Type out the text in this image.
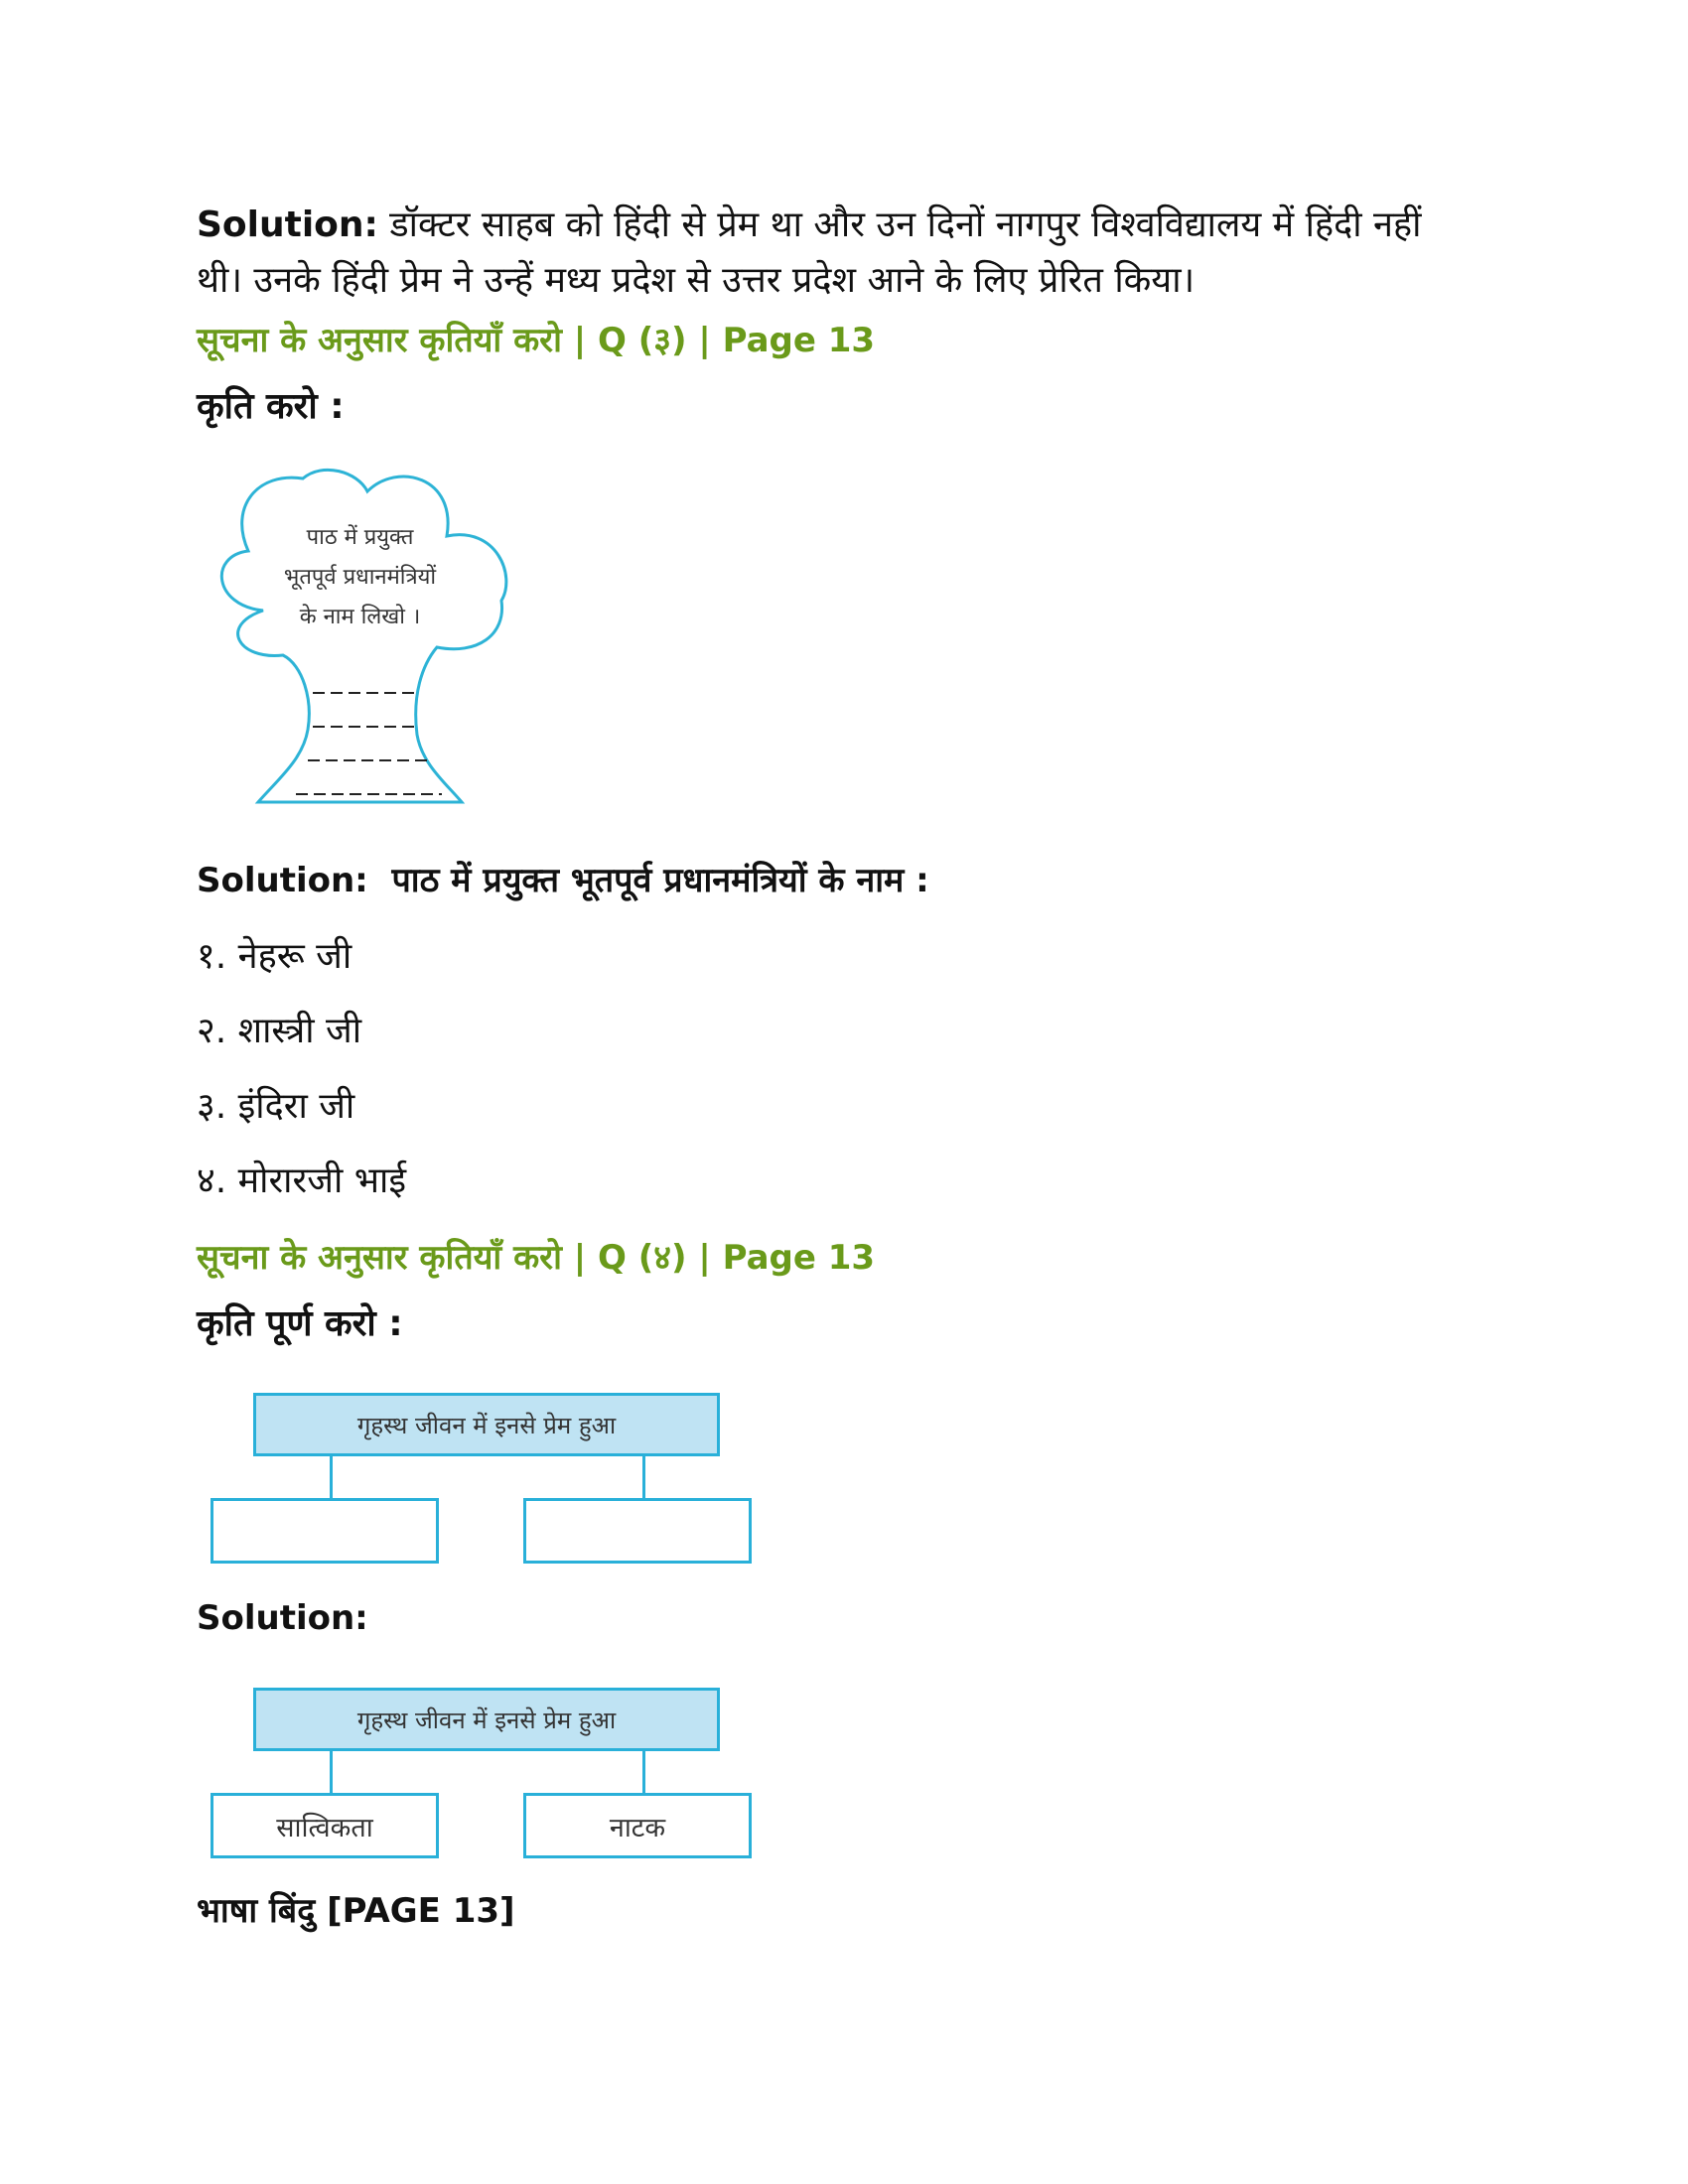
Solution: डॉक्टर साहब को हिंदी से प्रेम था और उन दिनों नागपुर विश्वविद्यालय में हिंदी नहीं
थी। उनके हिंदी प्रेम ने उन्हें मध्य प्रदेश से उत्तर प्रदेश आने के लिए प्रेरित किया।
सूचना के अनुसार कृतियाँ करो | Q (३) | Page 13
कृति करो :
पाठ में प्रयुक्त
भूतपूर्व प्रधानमंत्रियों
के नाम लिखो ।
Solution: पाठ में प्रयुक्त भूतपूर्व प्रधानमंत्रियों के नाम :
१. नेहरू जी
२. शास्त्री जी
३. इंदिरा जी
४. मोरारजी भाई
सूचना के अनुसार कृतियाँ करो | Q (४) | Page 13
कृति पूर्ण करो :
गृहस्थ जीवन में इनसे प्रेम हुआ
Solution:
गृहस्थ जीवन में इनसे प्रेम हुआ
सात्विकता	नाटक
भाषा बिंदु [PAGE 13]
